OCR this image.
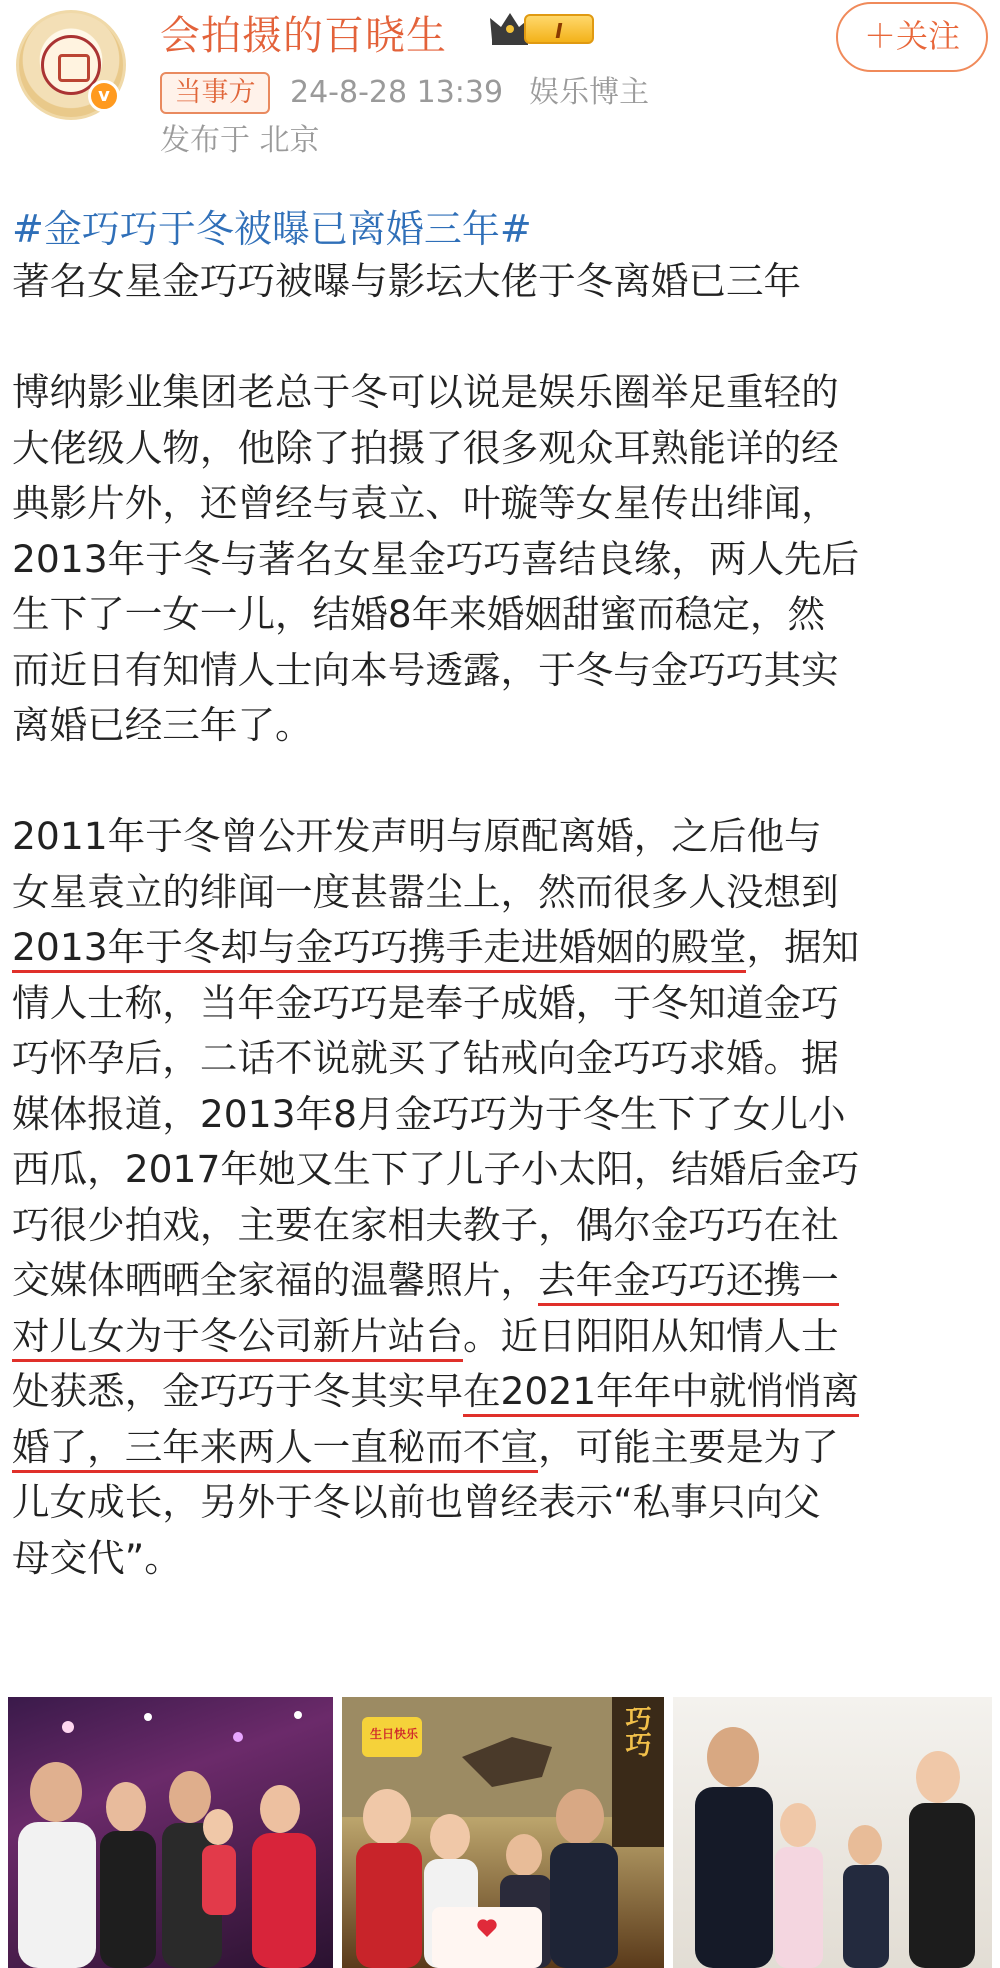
v
会拍摄的百晓生	I	＋关注
当事方	24-8-28 13:39 娱乐博主
发布于 北京
#金巧巧于冬被曝已离婚三年#
著名女星金巧巧被曝与影坛大佬于冬离婚已三年
博纳影业集团老总于冬可以说是娱乐圈举足重轻的
大佬级人物，他除了拍摄了很多观众耳熟能详的经
典影片外，还曾经与袁立、叶璇等女星传出绯闻，
2013年于冬与著名女星金巧巧喜结良缘，两人先后
生下了一女一儿，结婚8年来婚姻甜蜜而稳定，然
而近日有知情人士向本号透露，于冬与金巧巧其实
离婚已经三年了。
2011年于冬曾公开发声明与原配离婚，之后他与
女星袁立的绯闻一度甚嚣尘上，然而很多人没想到
2013年于冬却与金巧巧携手走进婚姻的殿堂，据知
情人士称，当年金巧巧是奉子成婚，于冬知道金巧
巧怀孕后，二话不说就买了钻戒向金巧巧求婚。据
媒体报道，2013年8月金巧巧为于冬生下了女儿小
西瓜，2017年她又生下了儿子小太阳，结婚后金巧
巧很少拍戏，主要在家相夫教子，偶尔金巧巧在社
交媒体晒晒全家福的温馨照片，去年金巧巧还携一
对儿女为于冬公司新片站台。近日阳阳从知情人士
处获悉，金巧巧于冬其实早在2021年年中就悄悄离
婚了，三年来两人一直秘而不宣，可能主要是为了
儿女成长，另外于冬以前也曾经表示“私事只向父
母交代”。
巧巧
生日快乐
